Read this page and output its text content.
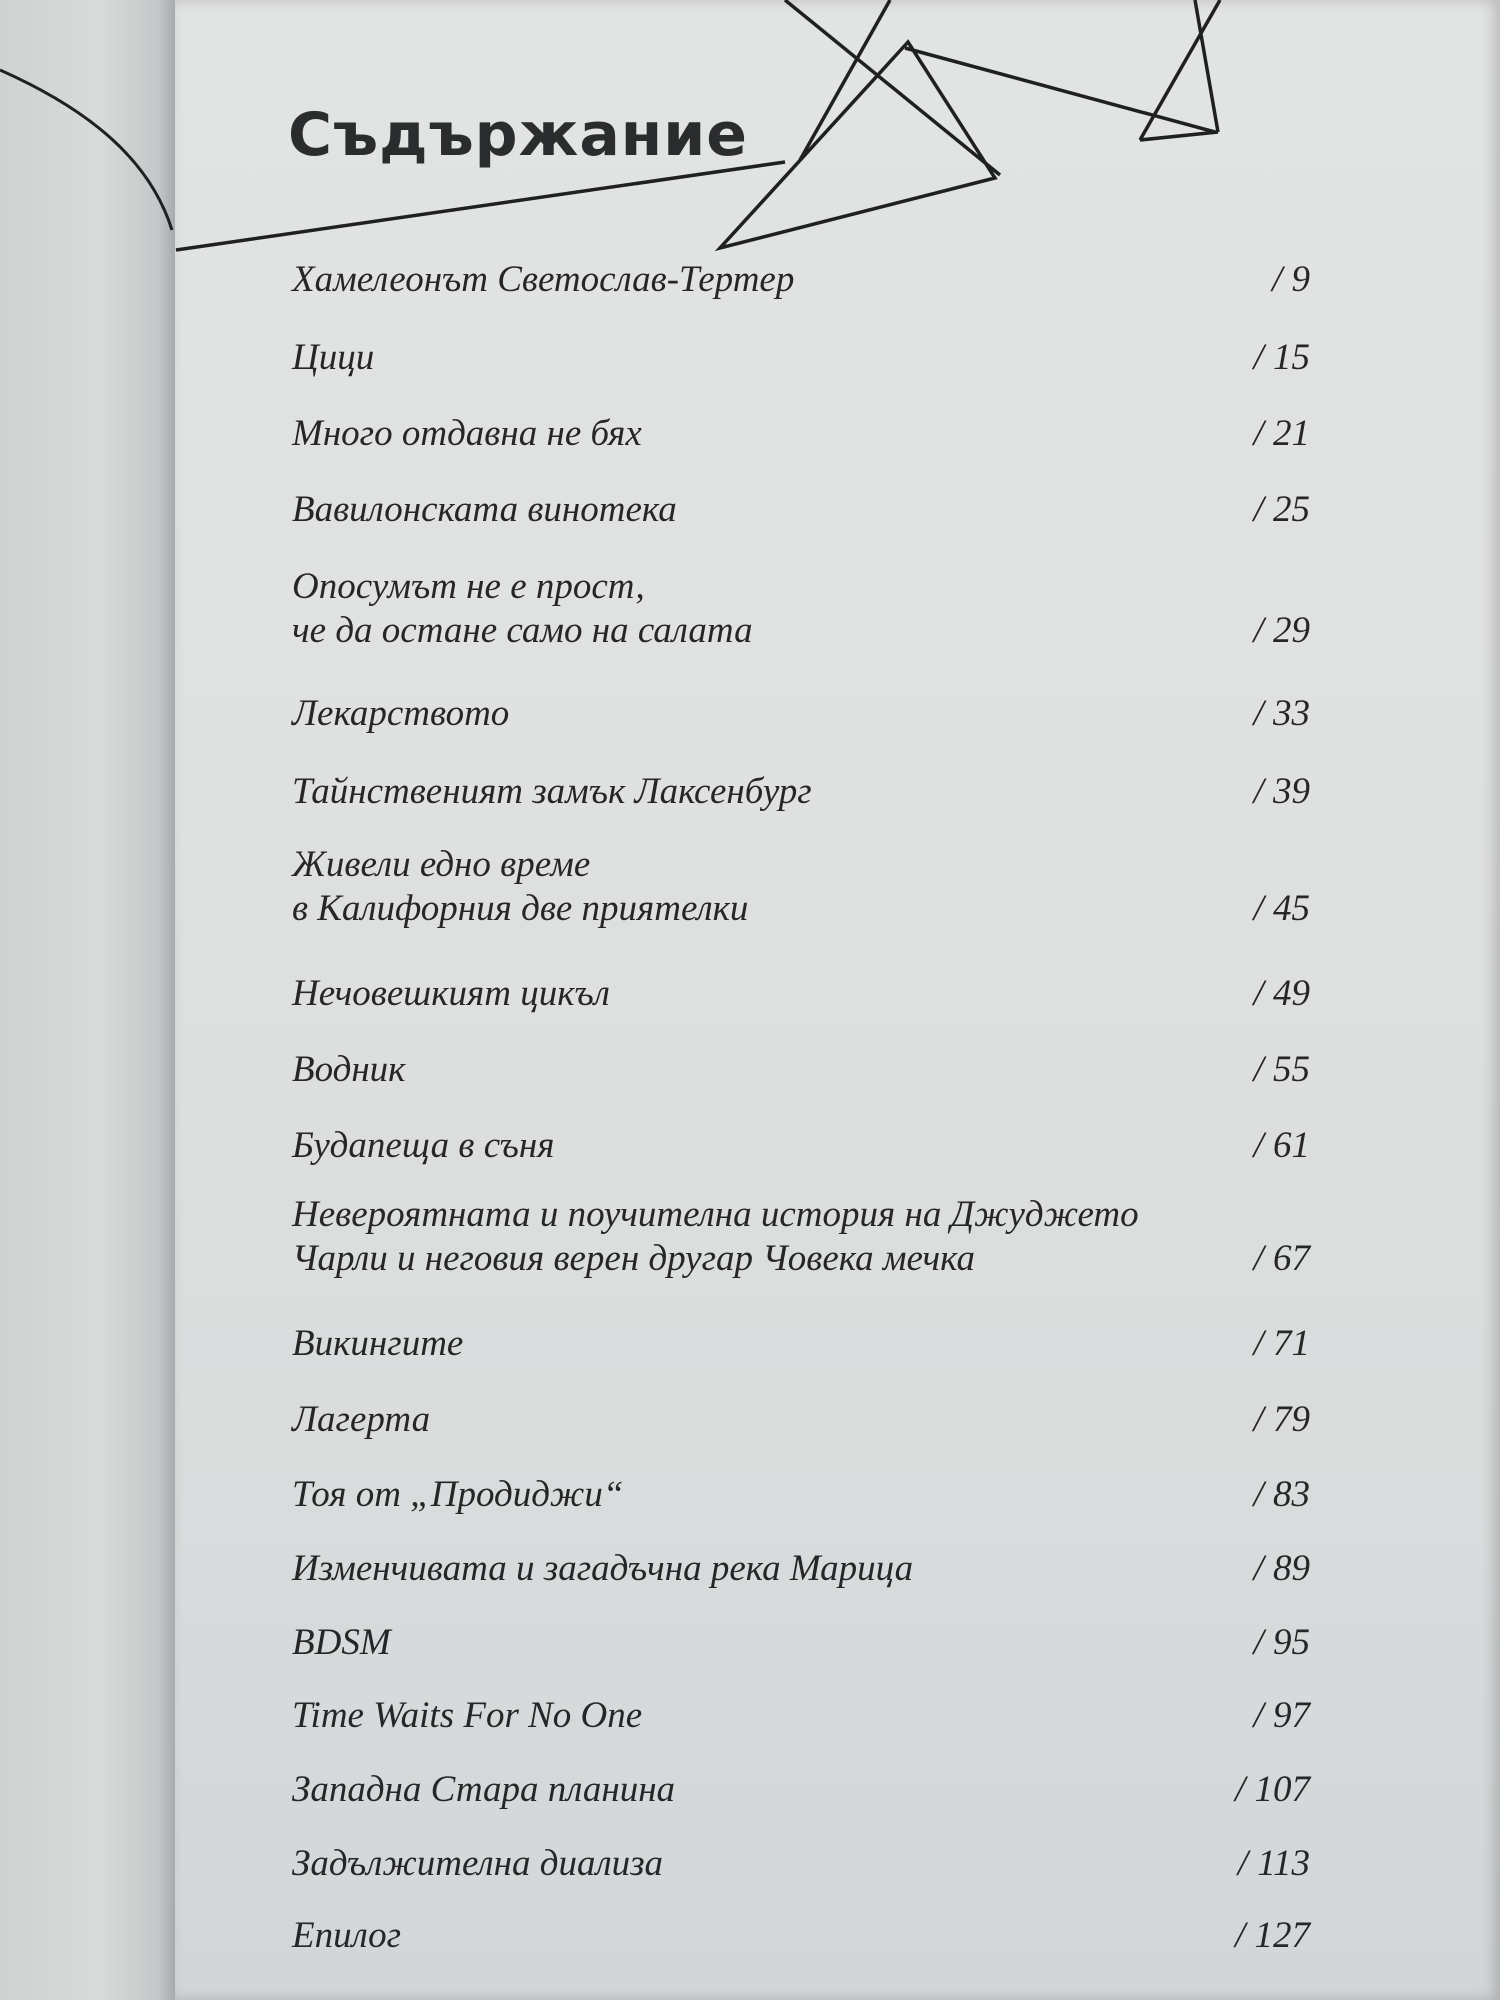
Съдържание
Хамелеонът Светослав-Тертер	/ 9
Цици	/ 15
Много отдавна не бях	/ 21
Вавилонската винотека	/ 25
Опосумът не е прост,
че да остане само на салата	/ 29
Лекарството	/ 33
Тайнственият замък Лаксенбург	/ 39
Живели едно време
в Калифорния две приятелки	/ 45
Нечовешкият цикъл	/ 49
Водник	/ 55
Будапеща в съня	/ 61
Невероятната и поучителна история на Джуджето
Чарли и неговия верен другар Човека мечка	/ 67
Викингите	/ 71
Лагерта	/ 79
Тоя от „Продиджи“	/ 83
Изменчивата и загадъчна река Марица	/ 89
BDSM	/ 95
Time Waits For No One	/ 97
Западна Стара планина	/ 107
Задължителна диализа	/ 113
Епилог	/ 127
